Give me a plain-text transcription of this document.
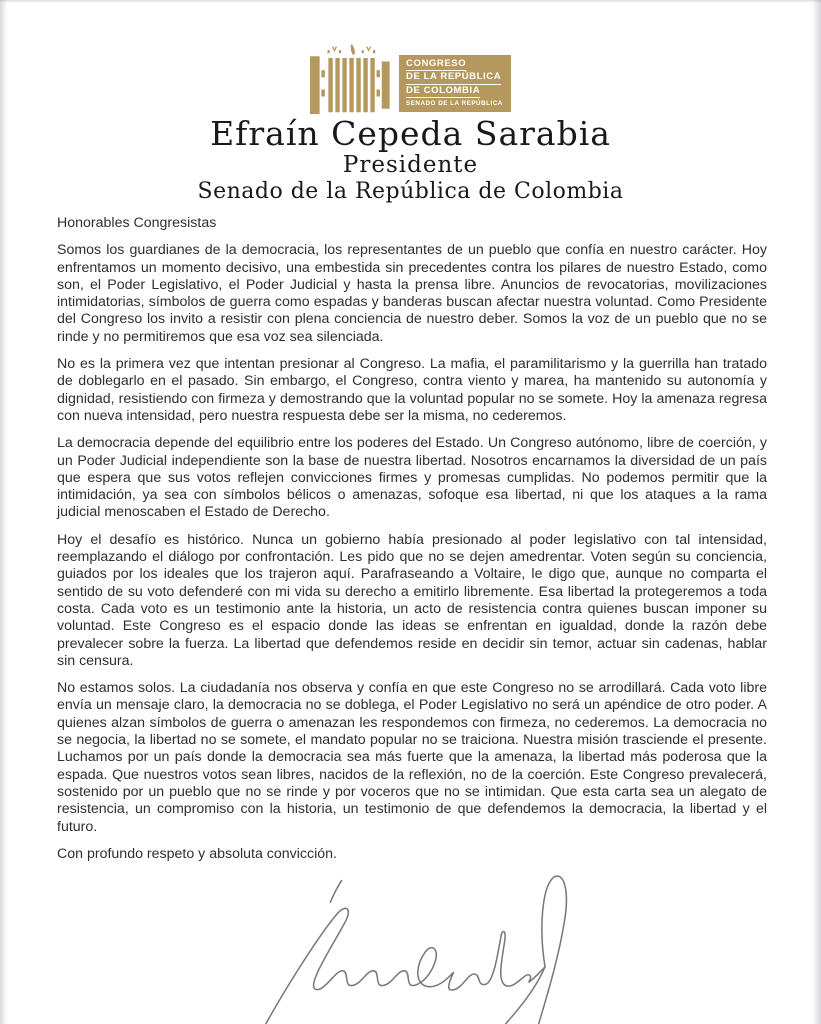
CONGRESO
DE LA REPÚBLICA
DE COLOMBIA
SENADO DE LA REPÚBLICA
Efraín Cepeda Sarabia
Presidente
Senado de la República de Colombia

Honorables Congresistas

Somos los guardianes de la democracia, los representantes de un pueblo que confía en nuestro carácter. Hoy enfrentamos un momento decisivo, una embestida sin precedentes contra los pilares de nuestro Estado, como son, el Poder Legislativo, el Poder Judicial y hasta la prensa libre. Anuncios de revocatorias, movilizaciones intimidatorias, símbolos de guerra como espadas y banderas buscan afectar nuestra voluntad. Como Presidente del Congreso los invito a resistir con plena conciencia de nuestro deber. Somos la voz de un pueblo que no se rinde y no permitiremos que esa voz sea silenciada.

No es la primera vez que intentan presionar al Congreso. La mafia, el paramilitarismo y la guerrilla han tratado de doblegarlo en el pasado. Sin embargo, el Congreso, contra viento y marea, ha mantenido su autonomía y dignidad, resistiendo con firmeza y demostrando que la voluntad popular no se somete. Hoy la amenaza regresa con nueva intensidad, pero nuestra respuesta debe ser la misma, no cederemos.

La democracia depende del equilibrio entre los poderes del Estado. Un Congreso autónomo, libre de coerción, y un Poder Judicial independiente son la base de nuestra libertad. Nosotros encarnamos la diversidad de un país que espera que sus votos reflejen convicciones firmes y promesas cumplidas. No podemos permitir que la intimidación, ya sea con símbolos bélicos o amenazas, sofoque esa libertad, ni que los ataques a la rama judicial menoscaben el Estado de Derecho.

Hoy el desafío es histórico. Nunca un gobierno había presionado al poder legislativo con tal intensidad, reemplazando el diálogo por confrontación. Les pido que no se dejen amedrentar. Voten según su conciencia, guiados por los ideales que los trajeron aquí. Parafraseando a Voltaire, le digo que, aunque no comparta el sentido de su voto defenderé con mi vida su derecho a emitirlo libremente. Esa libertad la protegeremos a toda costa. Cada voto es un testimonio ante la historia, un acto de resistencia contra quienes buscan imponer su voluntad. Este Congreso es el espacio donde las ideas se enfrentan en igualdad, donde la razón debe prevalecer sobre la fuerza. La libertad que defendemos reside en decidir sin temor, actuar sin cadenas, hablar sin censura.

No estamos solos. La ciudadanía nos observa y confía en que este Congreso no se arrodillará. Cada voto libre envía un mensaje claro, la democracia no se doblega, el Poder Legislativo no será un apéndice de otro poder. A quienes alzan símbolos de guerra o amenazan les respondemos con firmeza, no cederemos. La democracia no se negocia, la libertad no se somete, el mandato popular no se traiciona. Nuestra misión trasciende el presente. Luchamos por un país donde la democracia sea más fuerte que la amenaza, la libertad más poderosa que la espada. Que nuestros votos sean libres, nacidos de la reflexión, no de la coerción. Este Congreso prevalecerá, sostenido por un pueblo que no se rinde y por voceros que no se intimidan. Que esta carta sea un alegato de resistencia, un compromiso con la historia, un testimonio de que defendemos la democracia, la libertad y el futuro.

Con profundo respeto y absoluta convicción.
